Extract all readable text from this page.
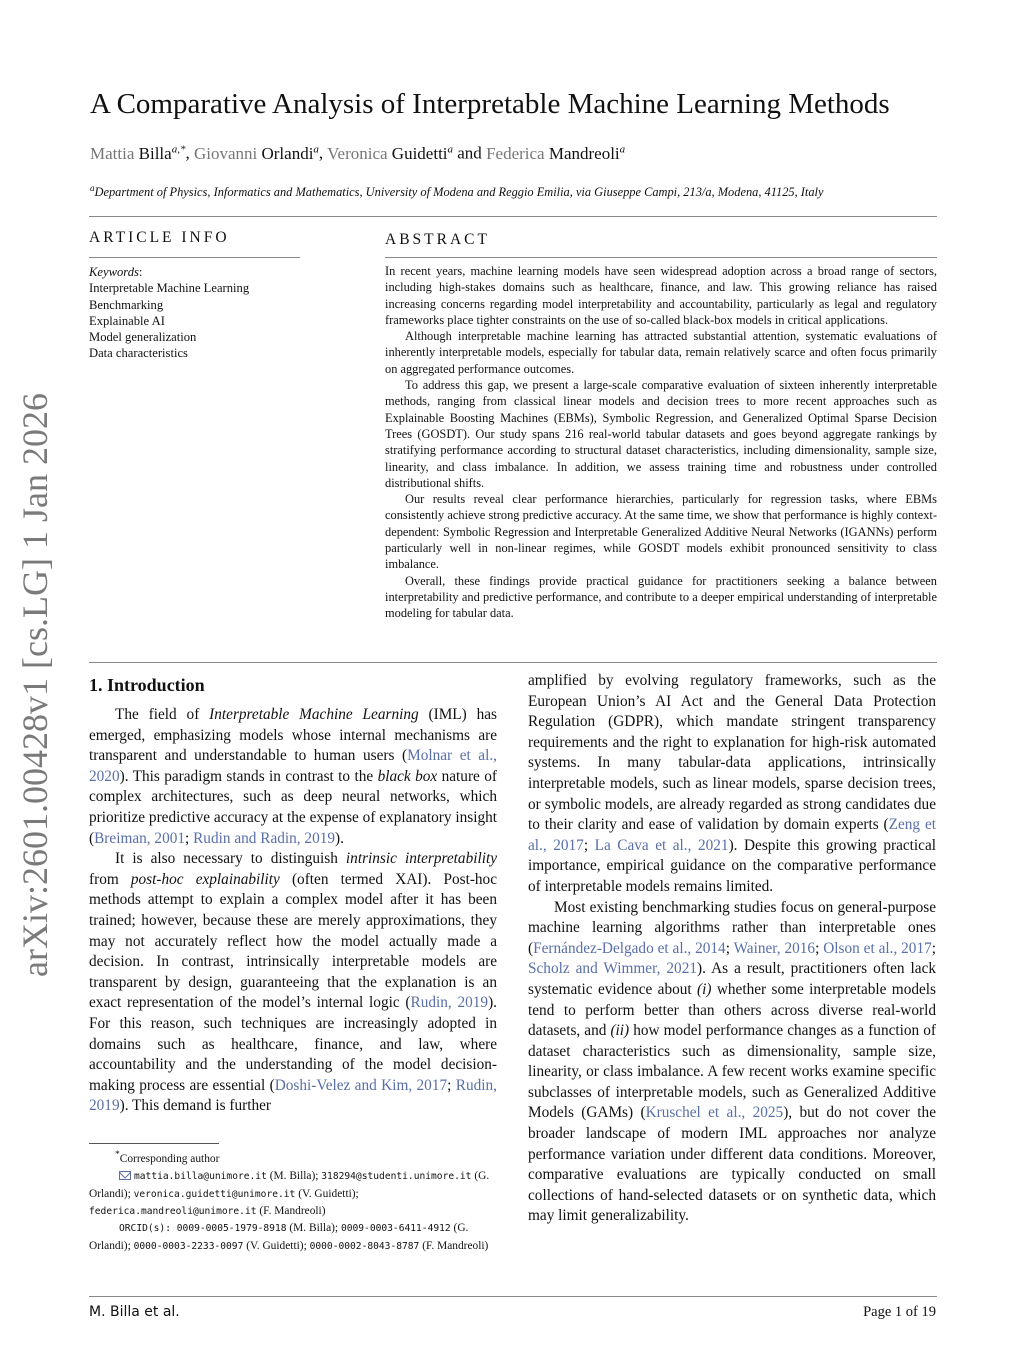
arXiv:2601.00428v1 [cs.LG] 1 Jan 2026
A Comparative Analysis of Interpretable Machine Learning Methods
Mattia Billa$^{a,*}$, Giovanni Orlandi$^a$, Veronica Guidetti$^a$ and Federica Mandreoli$^a$
$^a$Department of Physics, Informatics and Mathematics, University of Modena and Reggio Emilia, via Giuseppe Campi, 213/a, Modena, 41125, Italy
ARTICLE INFO
Keywords:
Interpretable Machine Learning
Benchmarking
Explainable AI
Model generalization
Data characteristics
ABSTRACT

In recent years, machine learning models have seen widespread adoption across a broad range of sectors, including high-stakes domains such as healthcare, finance, and law. This growing reliance has raised increasing concerns regarding model interpretability and accountability, particularly as legal and regulatory frameworks place tighter constraints on the use of so-called black-box models in critical applications.

Although interpretable machine learning has attracted substantial attention, systematic evaluations of inherently interpretable models, especially for tabular data, remain relatively scarce and often focus primarily on aggregated performance outcomes.

To address this gap, we present a large-scale comparative evaluation of sixteen inherently interpretable methods, ranging from classical linear models and decision trees to more recent approaches such as Explainable Boosting Machines (EBMs), Symbolic Regression, and Generalized Optimal Sparse Decision Trees (GOSDT). Our study spans 216 real-world tabular datasets and goes beyond aggregate rankings by stratifying performance according to structural dataset characteristics, including dimensionality, sample size, linearity, and class imbalance. In addition, we assess training time and robustness under controlled distributional shifts.

Our results reveal clear performance hierarchies, particularly for regression tasks, where EBMs consistently achieve strong predictive accuracy. At the same time, we show that performance is highly context-dependent: Symbolic Regression and Interpretable Generalized Additive Neural Networks (IGANNs) perform particularly well in non-linear regimes, while GOSDT models exhibit pronounced sensitivity to class imbalance.

Overall, these findings provide practical guidance for practitioners seeking a balance between interpretability and predictive performance, and contribute to a deeper empirical understanding of interpretable modeling for tabular data.

1. Introduction

The field of Interpretable Machine Learning (IML) has emerged, emphasizing models whose internal mechanisms are transparent and understandable to human users (Molnar et al., 2020). This paradigm stands in contrast to the black box nature of complex architectures, such as deep neural networks, which prioritize predictive accuracy at the expense of explanatory insight (Breiman, 2001; Rudin and Radin, 2019).

It is also necessary to distinguish intrinsic interpretability from post-hoc explainability (often termed XAI). Post-hoc methods attempt to explain a complex model after it has been trained; however, because these are merely approximations, they may not accurately reflect how the model actually made a decision. In contrast, intrinsically interpretable models are transparent by design, guaranteeing that the explanation is an exact representation of the model’s internal logic (Rudin, 2019). For this reason, such techniques are increasingly adopted in domains such as healthcare, finance, and law, where accountability and the understanding of the model decision-making process are essential (Doshi-Velez and Kim, 2017; Rudin, 2019). This demand is further

amplified by evolving regulatory frameworks, such as the European Union’s AI Act and the General Data Protection Regulation (GDPR), which mandate stringent transparency requirements and the right to explanation for high-risk automated systems. In many tabular-data applications, intrinsically interpretable models, such as linear models, sparse decision trees, or symbolic models, are already regarded as strong candidates due to their clarity and ease of validation by domain experts (Zeng et al., 2017; La Cava et al., 2021). Despite this growing practical importance, empirical guidance on the comparative performance of interpretable models remains limited.

Most existing benchmarking studies focus on general-purpose machine learning algorithms rather than interpretable ones (Fernández-Delgado et al., 2014; Wainer, 2016; Olson et al., 2017; Scholz and Wimmer, 2021). As a result, practitioners often lack systematic evidence about (i) whether some interpretable models tend to perform better than others across diverse real-world datasets, and (ii) how model performance changes as a function of dataset characteristics such as dimensionality, sample size, linearity, or class imbalance. A few recent works examine specific subclasses of interpretable models, such as Generalized Additive Models (GAMs) (Kruschel et al., 2025), but do not cover the broader landscape of modern IML approaches nor analyze performance variation under different data conditions. Moreover, comparative evaluations are typically conducted on small collections of hand-selected datasets or on synthetic data, which may limit generalizability.

*Corresponding author

mattia.billa@unimore.it (M. Billa); 318294@studenti.unimore.it (G. Orlandi); veronica.guidetti@unimore.it (V. Guidetti); federica.mandreoli@unimore.it (F. Mandreoli)

ORCID(s): 0009-0005-1979-8918 (M. Billa); 0009-0003-6411-4912 (G. Orlandi); 0000-0003-2233-0097 (V. Guidetti); 0000-0002-8043-8787 (F. Mandreoli)

M. Billa et al.	Page 1 of 19
